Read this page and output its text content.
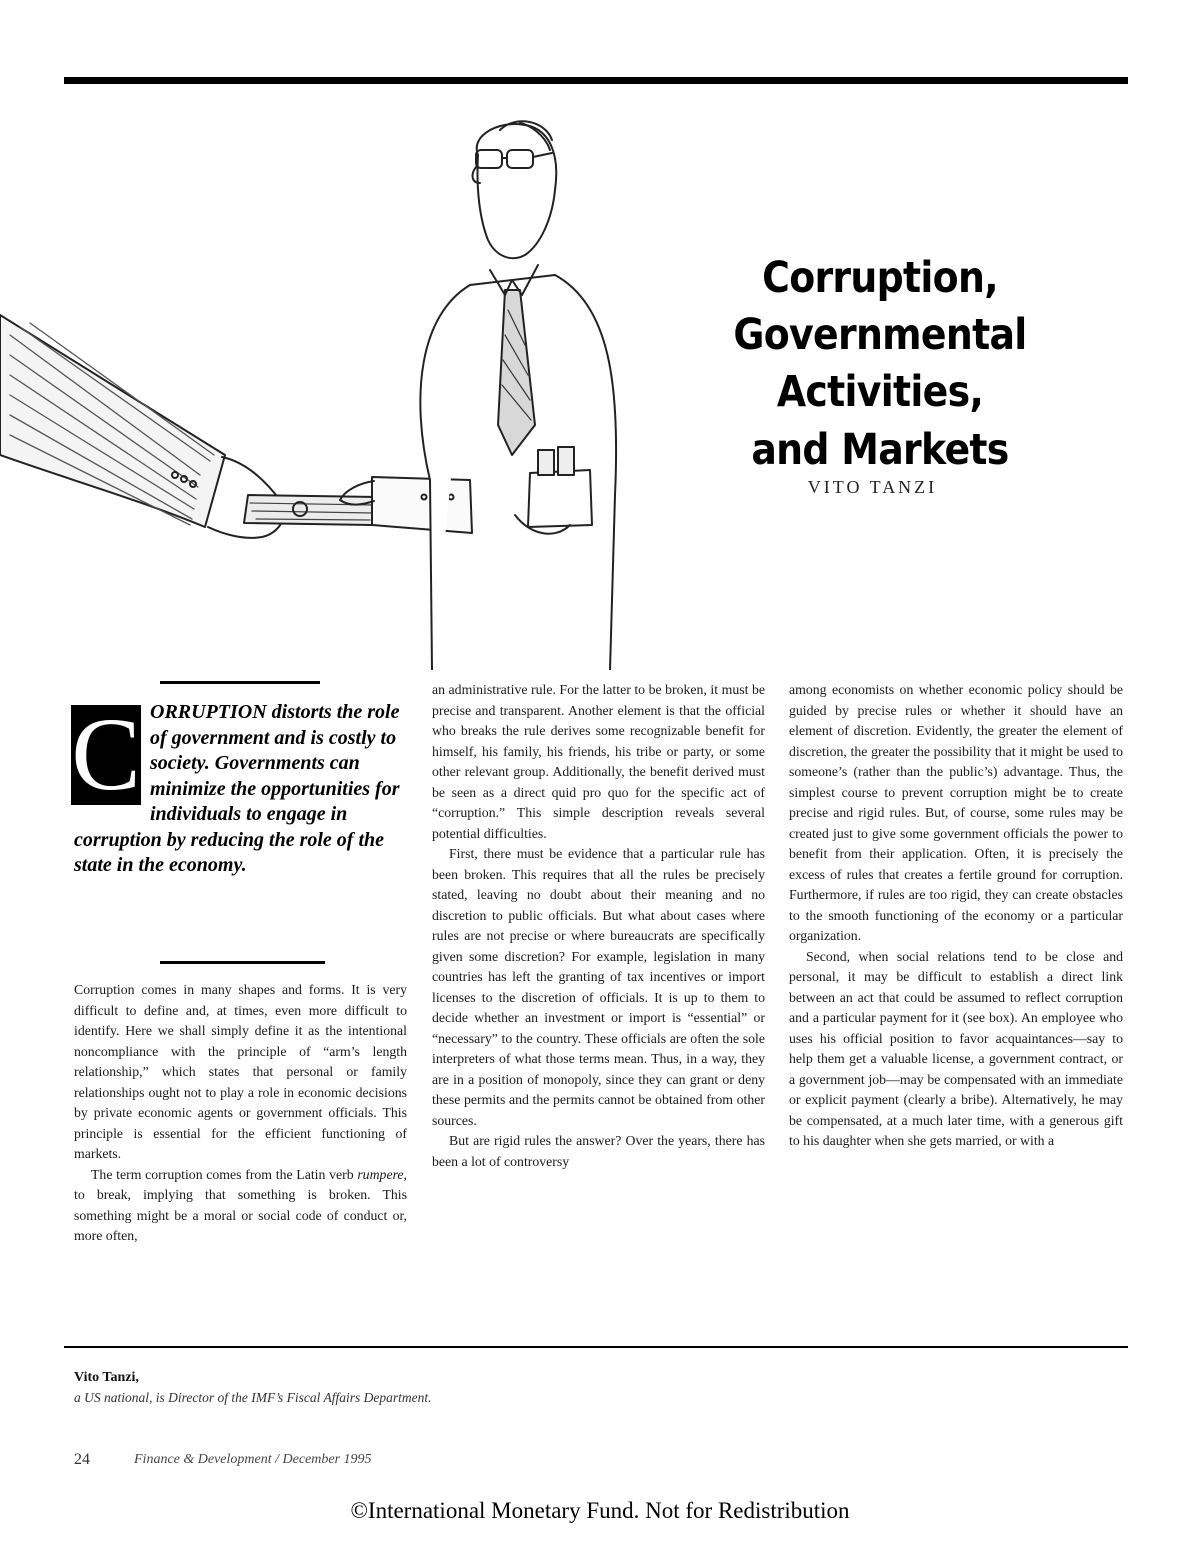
Corruption,
Governmental Activities,
and Markets
VITO TANZI
C ORRUPTION distorts the role of government and is costly to society. Governments can minimize the opportunities for individuals to engage in corruption by reducing the role of the state in the economy.

Corruption comes in many shapes and forms. It is very difficult to define and, at times, even more difficult to identify. Here we shall simply define it as the intentional noncompliance with the principle of “arm’s length relationship,” which states that personal or family relationships ought not to play a role in economic decisions by private economic agents or government officials. This principle is essential for the efficient functioning of markets.

The term corruption comes from the Latin verb rumpere, to break, implying that something is broken. This something might be a moral or social code of conduct or, more often,

an administrative rule. For the latter to be broken, it must be precise and transparent. Another element is that the official who breaks the rule derives some recognizable benefit for himself, his family, his friends, his tribe or party, or some other relevant group. Additionally, the benefit derived must be seen as a direct quid pro quo for the specific act of “corruption.” This simple description reveals several potential difficulties.

First, there must be evidence that a particular rule has been broken. This requires that all the rules be precisely stated, leaving no doubt about their meaning and no discretion to public officials. But what about cases where rules are not precise or where bureaucrats are specifically given some discretion? For example, legislation in many countries has left the granting of tax incentives or import licenses to the discretion of officials. It is up to them to decide whether an investment or import is “essential” or “necessary” to the country. These officials are often the sole interpreters of what those terms mean. Thus, in a way, they are in a position of monopoly, since they can grant or deny these permits and the permits cannot be obtained from other sources.

But are rigid rules the answer? Over the years, there has been a lot of controversy

among economists on whether economic policy should be guided by precise rules or whether it should have an element of discretion. Evidently, the greater the element of discretion, the greater the possibility that it might be used to someone’s (rather than the public’s) advantage. Thus, the simplest course to prevent corruption might be to create precise and rigid rules. But, of course, some rules may be created just to give some government officials the power to benefit from their application. Often, it is precisely the excess of rules that creates a fertile ground for corruption. Furthermore, if rules are too rigid, they can create obstacles to the smooth functioning of the economy or a particular organization.

Second, when social relations tend to be close and personal, it may be difficult to establish a direct link between an act that could be assumed to reflect corruption and a particular payment for it (see box). An employee who uses his official position to favor acquaintances—say to help them get a valuable license, a government contract, or a government job—may be compensated with an immediate or explicit payment (clearly a bribe). Alternatively, he may be compensated, at a much later time, with a generous gift to his daughter when she gets married, or with a

Vito Tanzi,
a US national, is Director of the IMF’s Fiscal Affairs Department.
24	Finance & Development / December 1995
©International Monetary Fund. Not for Redistribution
